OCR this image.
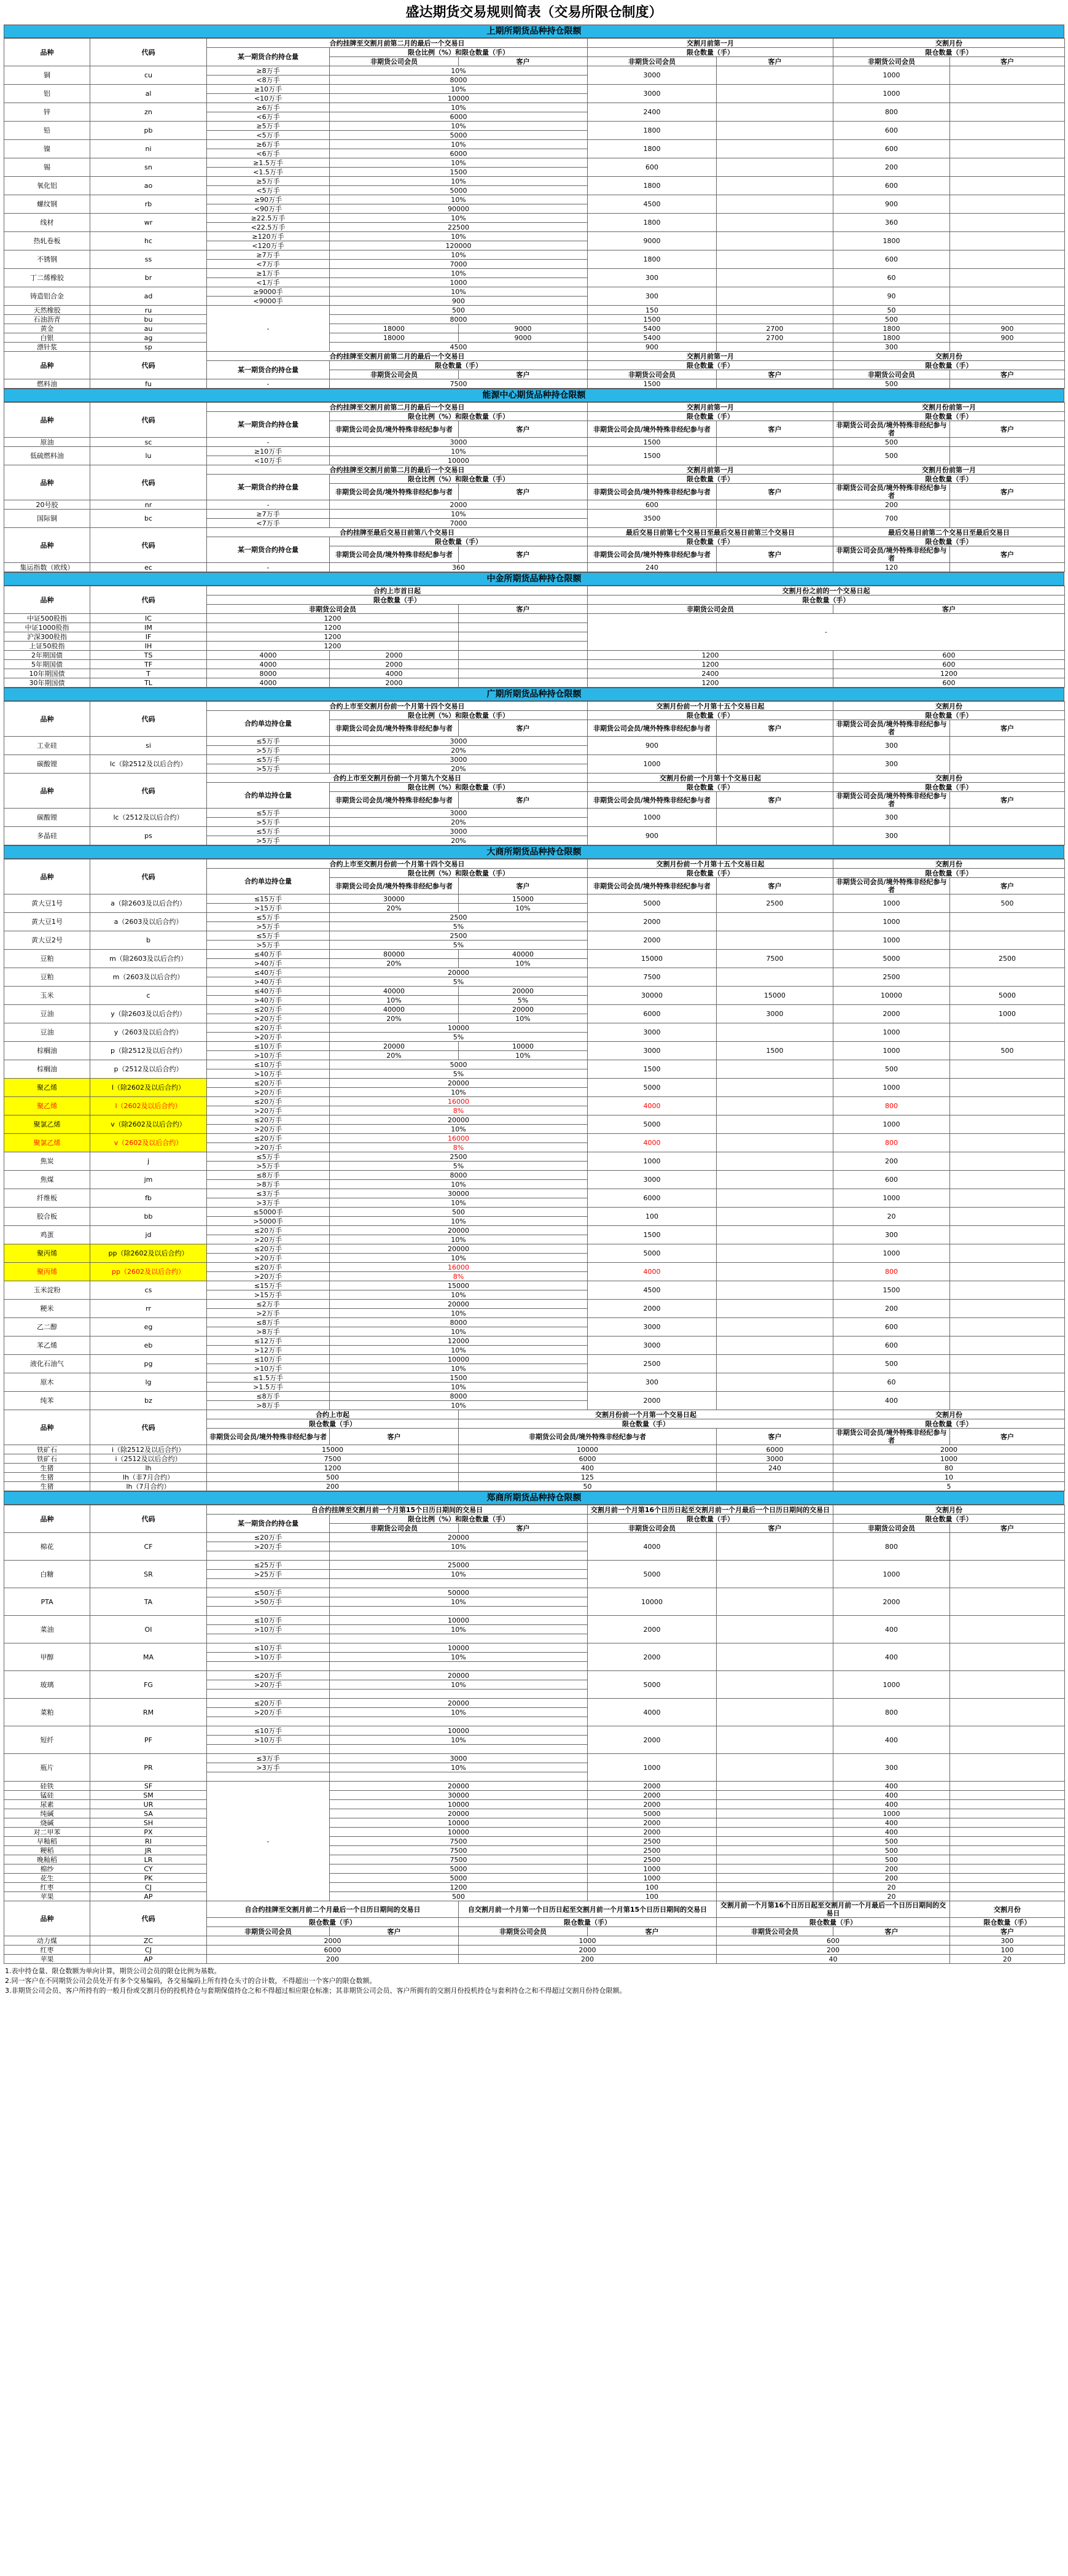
盛达期货交易规则简表（交易所限仓制度）
上期所期货品种持仓限额
品种	代码	合约挂牌至交割月前第二月的最后一个交易日			交割月前第一月		交割月份	
		某一期货合约持仓量	限仓比例（%）和限仓数量（手）		限仓数量（手）		限仓数量（手）	
			非期货公司会员	客户	非期货公司会员	客户	非期货公司会员	客户
铜	cu	≥8万手	10%		3000		1000	
		<8万手	8000					
铝	al	≥10万手	10%		3000		1000	
		<10万手	10000					
锌	zn	≥6万手	10%		2400		800	
		<6万手	6000					
铅	pb	≥5万手	10%		1800		600	
		<5万手	5000					
镍	ni	≥6万手	10%		1800		600	
		<6万手	6000					
锡	sn	≥1.5万手	10%		600		200	
		<1.5万手	1500					
氧化铝	ao	≥5万手	10%		1800		600	
		<5万手	5000					
螺纹钢	rb	≥90万手	10%		4500		900	
		<90万手	90000					
线材	wr	≥22.5万手	10%		1800		360	
		<22.5万手	22500					
热轧卷板	hc	≥120万手	10%		9000		1800	
		<120万手	120000					
不锈钢	ss	≥7万手	10%		1800		600	
		<7万手	7000					
丁二烯橡胶	br	≥1万手	10%		300		60	
		<1万手	1000					
铸造铝合金	ad	≥9000手	10%		300		90	
		<9000手	900					
天然橡胶	ru	-	500		150		50	
石油沥青	bu		8000		1500		500	
黄金	au		18000	9000	5400	2700	1800	900
白银	ag		18000	9000	5400	2700	1800	900
漂针浆	sp		4500		900		300	
品种	代码	合约挂牌至交割月前第二月的最后一个交易日			交割月前第一月		交割月份	
		某一期货合约持仓量	限仓数量（手）		限仓数量（手）		限仓数量（手）	
			非期货公司会员	客户	非期货公司会员	客户	非期货公司会员	客户
燃料油	fu	-	7500		1500		500	
能源中心期货品种持仓限额
品种	代码	合约挂牌至交割月前第二月的最后一个交易日			交割月前第一月		交割月份前第一月	
		某一期货合约持仓量	限仓比例（%）和限仓数量（手）		限仓数量（手）		限仓数量（手）	
			非期货公司会员/境外特殊非经纪参与者	客户	非期货公司会员/境外特殊非经纪参与者	客户	非期货公司会员/境外特殊非经纪参与者	客户
原油	sc	-	3000		1500		500	

低硫燃料油	lu	≥10万手	10%		1500		500	
		<10万手	10000					
品种	代码	合约挂牌至交割月前第二月的最后一个交易日			交割月前第一月		交割月份前第一月	
		某一期货合约持仓量	限仓比例（%）和限仓数量（手）		限仓数量（手）		限仓数量（手）	
			非期货公司会员/境外特殊非经纪参与者	客户	非期货公司会员/境外特殊非经纪参与者	客户	非期货公司会员/境外特殊非经纪参与者	客户
20号胶	nr	-	2000		600		200	
国际铜	bc	≥7万手	10%		3500		700	
		<7万手	7000					
品种	代码	合约挂牌至最后交易日前第八个交易日			最后交易日前第七个交易日至最后交易日前第三个交易日		最后交易日前第二个交易日至最后交易日	
		某一期货合约持仓量	限仓数量（手）		限仓数量（手）		限仓数量（手）	
			非期货公司会员/境外特殊非经纪参与者	客户	非期货公司会员/境外特殊非经纪参与者	客户	非期货公司会员/境外特殊非经纪参与者	客户
集运指数（欧线）	ec	-	360		240		120	
中金所期货品种持仓限额
品种	代码	合约上市首日起			交割月份之前的一个交易日起	
		限仓数量（手）			限仓数量（手）	
		非期货公司会员		客户	非期货公司会员	客户
中证500股指	IC	1200			-	
中证1000股指	IM	1200				
沪深300股指	IF	1200				
上证50股指	IH	1200				
2年期国债	TS	4000	2000		1200	600
5年期国债	TF	4000	2000		1200	600
10年期国债	T	8000	4000		2400	1200
30年期国债	TL	4000	2000		1200	600
广期所期货品种持仓限额
品种	代码	合约上市至交割月份前一个月第十四个交易日			交割月份前一个月第十五个交易日起		交割月份	
		合约单边持仓量	限仓比例（%）和限仓数量（手）		限仓数量（手）		限仓数量（手）	
			非期货公司会员/境外特殊非经纪参与者	客户	非期货公司会员/境外特殊非经纪参与者	客户	非期货公司会员/境外特殊非经纪参与者	客户
工业硅	si	≤5万手	3000		900		300	
		>5万手	20%					
碳酸锂	lc（除2512及以后合约）	≤5万手	3000		1000		300	
		>5万手	20%					
品种	代码	合约上市至交割月份前一个月第九个交易日			交割月份前一个月第十个交易日起		交割月份	
		合约单边持仓量	限仓比例（%）和限仓数量（手）		限仓数量（手）		限仓数量（手）	
			非期货公司会员/境外特殊非经纪参与者	客户	非期货公司会员/境外特殊非经纪参与者	客户	非期货公司会员/境外特殊非经纪参与者	客户
碳酸锂	lc（2512及以后合约）	≤5万手	3000		1000		300	
		>5万手	20%					
多晶硅	ps	≤5万手	3000		900		300	
		>5万手	20%					
大商所期货品种持仓限额
品种	代码	合约上市至交割月份前一个月第十四个交易日			交割月份前一个月第十五个交易日起		交割月份	
		合约单边持仓量	限仓比例（%）和限仓数量（手）		限仓数量（手）		限仓数量（手）	
			非期货公司会员/境外特殊非经纪参与者	客户	非期货公司会员/境外特殊非经纪参与者	客户	非期货公司会员/境外特殊非经纪参与者	客户
黄大豆1号	a（除2603及以后合约）	≤15万手	30000	15000	5000	2500	1000	500
		>15万手	20%	10%				
黄大豆1号	a（2603及以后合约）	≤5万手	2500		2000		1000	
		>5万手	5%					
黄大豆2号	b	≤5万手	2500		2000		1000	
		>5万手	5%					
豆粕	m（除2603及以后合约）	≤40万手	80000	40000	15000	7500	5000	2500
		>40万手	20%	10%				
豆粕	m（2603及以后合约）	≤40万手	20000		7500		2500	
		>40万手	5%					
玉米	c	≤40万手	40000	20000	30000	15000	10000	5000
		>40万手	10%	5%				
豆油	y（除2603及以后合约）	≤20万手	40000	20000	6000	3000	2000	1000
		>20万手	20%	10%				
豆油	y（2603及以后合约）	≤20万手	10000		3000		1000	
		>20万手	5%					
棕榈油	p（除2512及以后合约）	≤10万手	20000	10000	3000	1500	1000	500
		>10万手	20%	10%				
棕榈油	p（2512及以后合约）	≤10万手	5000		1500		500	
		>10万手	5%					
聚乙烯	l（除2602及以后合约）	≤20万手	20000		5000		1000	
		>20万手	10%					
聚乙烯	l（2602及以后合约）	≤20万手	16000		4000		800	
		>20万手	8%					
聚氯乙烯	v（除2602及以后合约）	≤20万手	20000		5000		1000	
		>20万手	10%					
聚氯乙烯	v（2602及以后合约）	≤20万手	16000		4000		800	
		>20万手	8%					
焦炭	j	≤5万手	2500		1000		200	
		>5万手	5%					
焦煤	jm	≤8万手	8000		3000		600	
		>8万手	10%					
纤维板	fb	≤3万手	30000		6000		1000	
		>3万手	10%					
胶合板	bb	≤5000手	500		100		20	
		>5000手	10%					
鸡蛋	jd	≤20万手	20000		1500		300	
		>20万手	10%					
聚丙烯	pp（除2602及以后合约）	≤20万手	20000		5000		1000	
		>20万手	10%					
聚丙烯	pp（2602及以后合约）	≤20万手	16000		4000		800	
		>20万手	8%					
玉米淀粉	cs	≤15万手	15000		4500		1500	
		>15万手	10%					
粳米	rr	≤2万手	20000		2000		200	
		>2万手	10%					
乙二醇	eg	≤8万手	8000		3000		600	
		>8万手	10%					
苯乙烯	eb	≤12万手	12000		3000		600	
		>12万手	10%					
液化石油气	pg	≤10万手	10000		2500		500	
		>10万手	10%					
原木	lg	≤1.5万手	1500		300		60	
		>1.5万手	10%					
纯苯	bz	≤8万手	8000		2000		400	
		>8万手	10%					
品种	代码	合约上市起		交割月份前一个月第一个交易日起			交割月份	
		限仓数量（手）		限仓数量（手）			限仓数量（手）	
		非期货公司会员/境外特殊非经纪参与者	客户	非期货公司会员/境外特殊非经纪参与者		客户	非期货公司会员/境外特殊非经纪参与者	客户
铁矿石	i（除2512及以后合约）	15000		10000		6000	2000	
铁矿石	i（2512及以后合约）	7500		6000		3000	1000	
生猪	lh	1200		400		240	80	
生猪	lh（非7月合约）	500		125			10	
生猪	lh（7月合约）	200		50			5	
郑商所期货品种持仓限额
品种	代码	自合约挂牌至交割月前一个月第15个日历日期间的交易日			交割月前一个月第16个日历日起至交割月前一个月最后一个日历日期间的交易日		交割月份	
		某一期货合约持仓量	限仓比例（%）和限仓数量（手）		限仓数量（手）		限仓数量（手）	
			非期货公司会员	客户	非期货公司会员	客户	非期货公司会员	客户
棉花	CF	≤20万手	20000		4000		800	
		>20万手	10%					

白糖	SR	≤25万手	25000		5000		1000	
		>25万手	10%					

PTA	TA	≤50万手	50000		10000		2000	
		>50万手	10%					

菜油	OI	≤10万手	10000		2000		400	
		>10万手	10%					

甲醇	MA	≤10万手	10000		2000		400	
		>10万手	10%					

玻璃	FG	≤20万手	20000		5000		1000	
		>20万手	10%					

菜粕	RM	≤20万手	20000		4000		800	
		>20万手	10%					

短纤	PF	≤10万手	10000		2000		400	
		>10万手	10%					

瓶片	PR	≤3万手	3000		1000		300	
		>3万手	10%					

硅铁	SF	-	20000		2000		400	
锰硅	SM		30000		2000		400	
尿素	UR		10000		2000		400	
纯碱	SA		20000		5000		1000	
烧碱	SH		10000		2000		400	
对二甲苯	PX		10000		2000		400	
早籼稻	RI		7500		2500		500	
粳稻	JR		7500		2500		500	
晚籼稻	LR		7500		2500		500	
棉纱	CY		5000		1000		200	
花生	PK		5000		1000		200	
红枣	CJ		1200		100		20	
苹果	AP		500		100		20	
品种	代码	自合约挂牌至交割月前二个月最后一个日历日期间的交易日		自交割月前一个月第一个日历日起至交割月前一个月第15个日历日期间的交易日		交割月前一个月第16个日历日起至交割月前一个月最后一个日历日期间的交易日		交割月份
		限仓数量（手）		限仓数量（手）		限仓数量（手）		限仓数量（手）
		非期货公司会员	客户	非期货公司会员	客户	非期货公司会员	客户	客户
动力煤	ZC	2000		1000		600		300
红枣	CJ	6000		2000		200		100
苹果	AP	200		200		40		20
1.表中持仓量、限仓数额为单向计算，期货公司会员的限仓比例为基数。
2.同一客户在不同期货公司会员处开有多个交易编码，各交易编码上所有持仓头寸的合计数，不得超出一个客户的限仓数额。
3.非期货公司会员、客户所持有的一般月份或交割月份的投机持仓与套期保值持仓之和不得超过相应限仓标准；其非期货公司会员、客户所拥有的交割月份投机持仓与套利持仓之和不得超过交割月份持仓限额。
